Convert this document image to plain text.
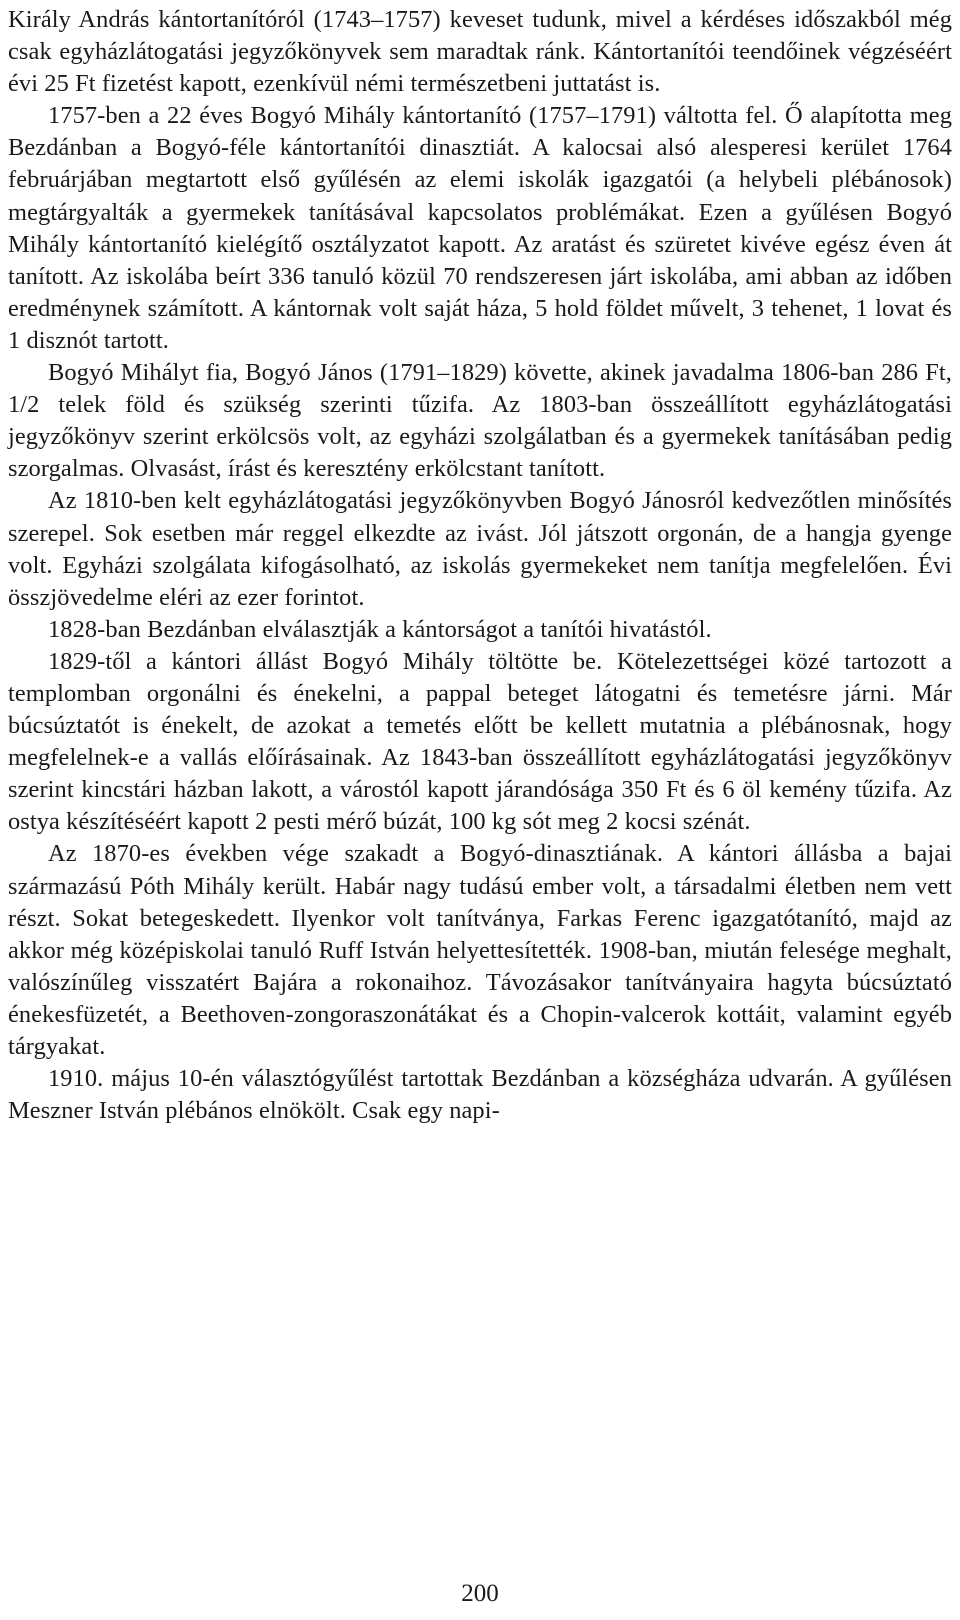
Király András kántortanítóról (1743–1757) keveset tudunk, mivel a kérdéses időszakból még csak egyházlátogatási jegyzőkönyvek sem maradtak ránk. Kántortanítói teendőinek végzéséért évi 25 Ft fizetést kapott, ezenkívül némi természetbeni juttatást is.

1757-ben a 22 éves Bogyó Mihály kántortanító (1757–1791) váltotta fel. Ő alapította meg Bezdánban a Bogyó-féle kántortanítói dinasztiát. A kalocsai alsó alesperesi kerület 1764 februárjában megtartott első gyűlésén az elemi iskolák igazgatói (a helybeli plébánosok) megtárgyalták a gyermekek tanításával kapcsolatos problémákat. Ezen a gyűlésen Bogyó Mihály kántortanító kielégítő osztályzatot kapott. Az aratást és szüretet kivéve egész éven át tanított. Az iskolába beírt 336 tanuló közül 70 rendszeresen járt iskolába, ami abban az időben eredménynek számított. A kántornak volt saját háza, 5 hold földet művelt, 3 tehenet, 1 lovat és 1 disznót tartott.

Bogyó Mihályt fia, Bogyó János (1791–1829) követte, akinek javadalma 1806-ban 286 Ft, 1/2 telek föld és szükség szerinti tűzifa. Az 1803-ban összeállított egyházlátogatási jegyzőkönyv szerint erkölcsös volt, az egyházi szolgálatban és a gyermekek tanításában pedig szorgalmas. Olvasást, írást és keresztény erkölcstant tanított.

Az 1810-ben kelt egyházlátogatási jegyzőkönyvben Bogyó Jánosról kedvezőtlen minősítés szerepel. Sok esetben már reggel elkezdte az ivást. Jól játszott orgonán, de a hangja gyenge volt. Egyházi szolgálata kifogásolható, az iskolás gyermekeket nem tanítja megfelelően. Évi összjövedelme eléri az ezer forintot.

1828-ban Bezdánban elválasztják a kántorságot a tanítói hivatástól.

1829-től a kántori állást Bogyó Mihály töltötte be. Kötelezettségei közé tartozott a templomban orgonálni és énekelni, a pappal beteget látogatni és temetésre járni. Már búcsúztatót is énekelt, de azokat a temetés előtt be kellett mutatnia a plébánosnak, hogy megfelelnek-e a vallás előírásainak. Az 1843-ban összeállított egyházlátogatási jegyzőkönyv szerint kincstári házban lakott, a várostól kapott járandósága 350 Ft és 6 öl kemény tűzifa. Az ostya készítéséért kapott 2 pesti mérő búzát, 100 kg sót meg 2 kocsi szénát.

Az 1870-es években vége szakadt a Bogyó-dinasztiának. A kántori állásba a bajai származású Póth Mihály került. Habár nagy tudású ember volt, a társadalmi életben nem vett részt. Sokat betegeskedett. Ilyenkor volt tanítványa, Farkas Ferenc igazgatótanító, majd az akkor még középiskolai tanuló Ruff István helyettesítették. 1908-ban, miután felesége meghalt, valószínűleg visszatért Bajára a rokonaihoz. Távozásakor tanítványaira hagyta búcsúztató énekesfüzetét, a Beethoven-zongoraszonátákat és a Chopin-valcerok kottáit, valamint egyéb tárgyakat.

1910. május 10-én választógyűlést tartottak Bezdánban a községháza udvarán. A gyűlésen Meszner István plébános elnökölt. Csak egy napi-

200
